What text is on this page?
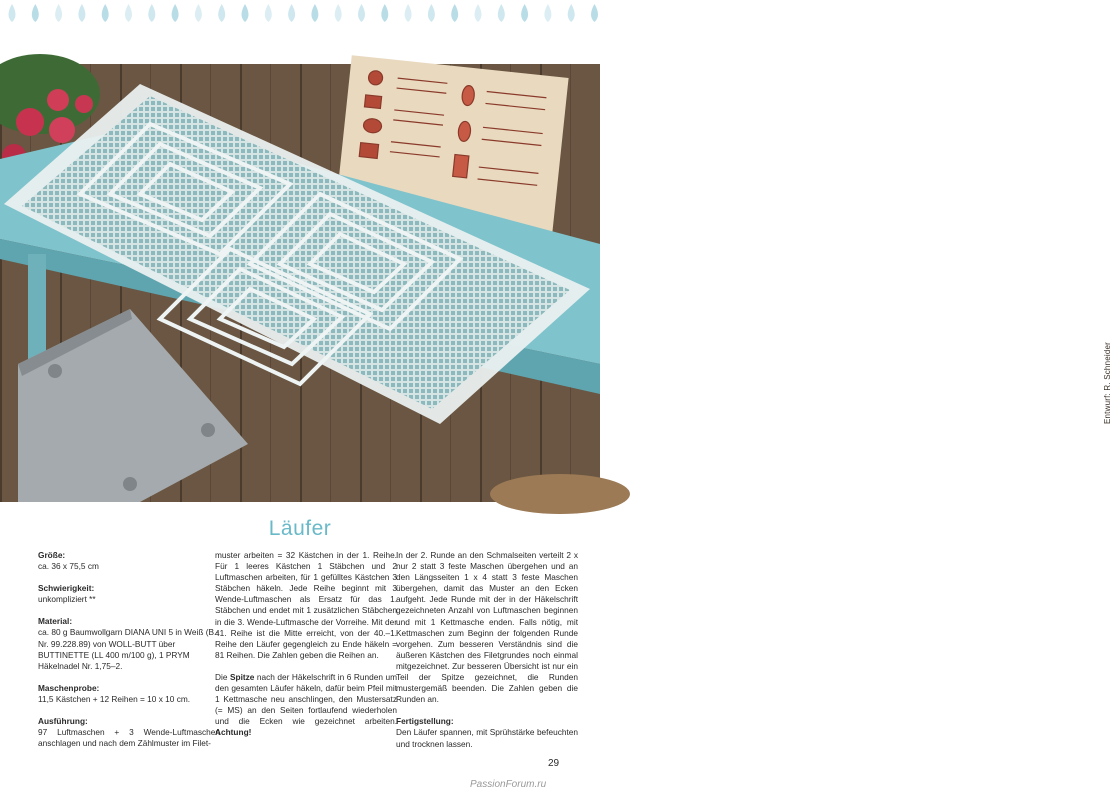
Entwurf: R. Schneider
Läufer
Größe:

ca. 36 x 75,5 cm

Schwierigkeit:

unkompliziert **

Material:

ca. 80 g Baumwollgarn DIANA UNI 5 in Weiß (B.-Nr. 99.228.89) von WOLL-BUTT über BUTTINETTE (LL 400 m/100 g), 1 PRYM Häkelnadel Nr. 1,75–2.

Maschenprobe:

11,5 Kästchen + 12 Reihen = 10 x 10 cm.

Ausführung:

97 Luftmaschen + 3 Wende-Luftmaschen anschlagen und nach dem Zählmuster im Filet-

muster arbeiten = 32 Kästchen in der 1. Reihe. Für 1 leeres Kästchen 1 Stäbchen und 2 Luftmaschen arbeiten, für 1 gefülltes Kästchen 3 Stäbchen häkeln. Jede Reihe beginnt mit 3 Wende-Luftmaschen als Ersatz für das 1. Stäbchen und endet mit 1 zusätzlichen Stäbchen in die 3. Wende-Luftmasche der Vorreihe. Mit der 41. Reihe ist die Mitte erreicht, von der 40.–1. Reihe den Läufer gegengleich zu Ende häkeln = 81 Reihen. Die Zahlen geben die Reihen an.

Die Spitze nach der Häkelschrift in 6 Runden um den gesamten Läufer häkeln, dafür beim Pfeil mit 1 Kettmasche neu anschlingen, den Mustersatz (= MS) an den Seiten fortlaufend wiederholen und die Ecken wie gezeichnet arbeiten. Achtung!

In der 2. Runde an den Schmalseiten verteilt 2 x nur 2 statt 3 feste Maschen übergehen und an den Längsseiten 1 x 4 statt 3 feste Maschen übergehen, damit das Muster an den Ecken aufgeht. Jede Runde mit der in der Häkelschrift gezeichneten Anzahl von Luftmaschen beginnen und mit 1 Kettmasche enden. Falls nötig, mit Kettmaschen zum Beginn der folgenden Runde vorgehen. Zum besseren Verständnis sind die äußeren Kästchen des Filetgrundes noch einmal mitgezeichnet. Zur besseren Übersicht ist nur ein Teil der Spitze gezeichnet, die Runden mustergemäß beenden. Die Zahlen geben die Runden an.

Fertigstellung:

Den Läufer spannen, mit Sprühstärke befeuchten und trocknen lassen.

29
PassionForum.ru
